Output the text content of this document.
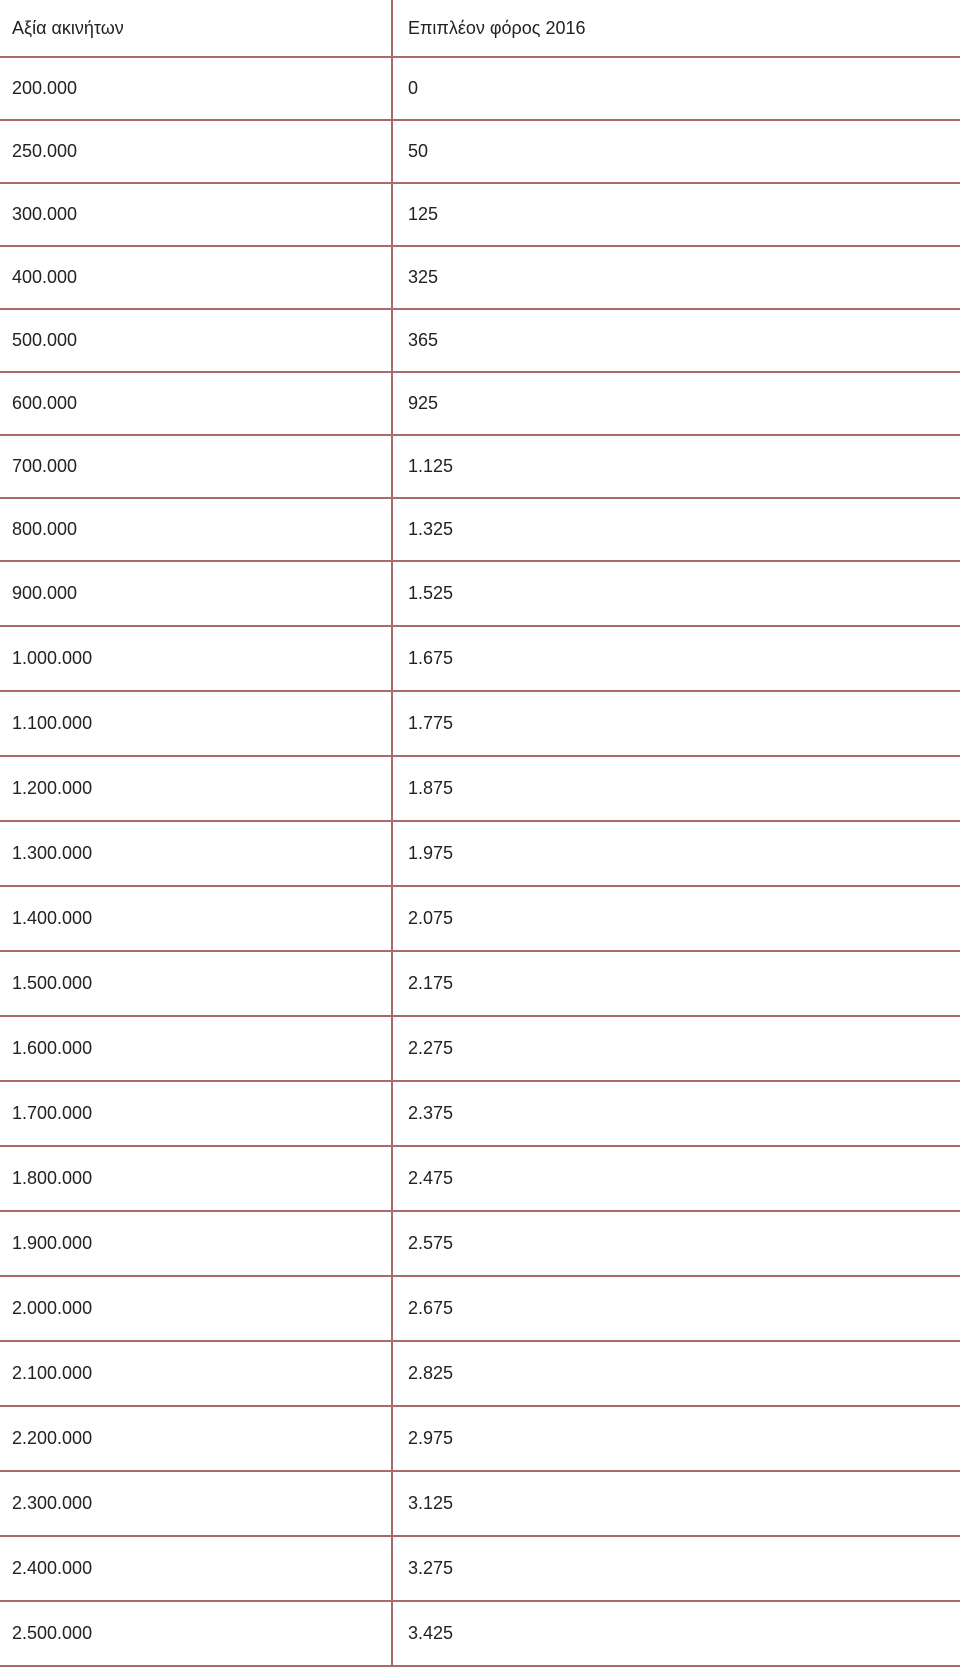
Αξία ακινήτων	Επιπλέον φόρος 2016
200.000	0
250.000	50
300.000	125
400.000	325
500.000	365
600.000	925
700.000	1.125
800.000	1.325
900.000	1.525
1.000.000	1.675
1.100.000	1.775
1.200.000	1.875
1.300.000	1.975
1.400.000	2.075
1.500.000	2.175
1.600.000	2.275
1.700.000	2.375
1.800.000	2.475
1.900.000	2.575
2.000.000	2.675
2.100.000	2.825
2.200.000	2.975
2.300.000	3.125
2.400.000	3.275
2.500.000	3.425
